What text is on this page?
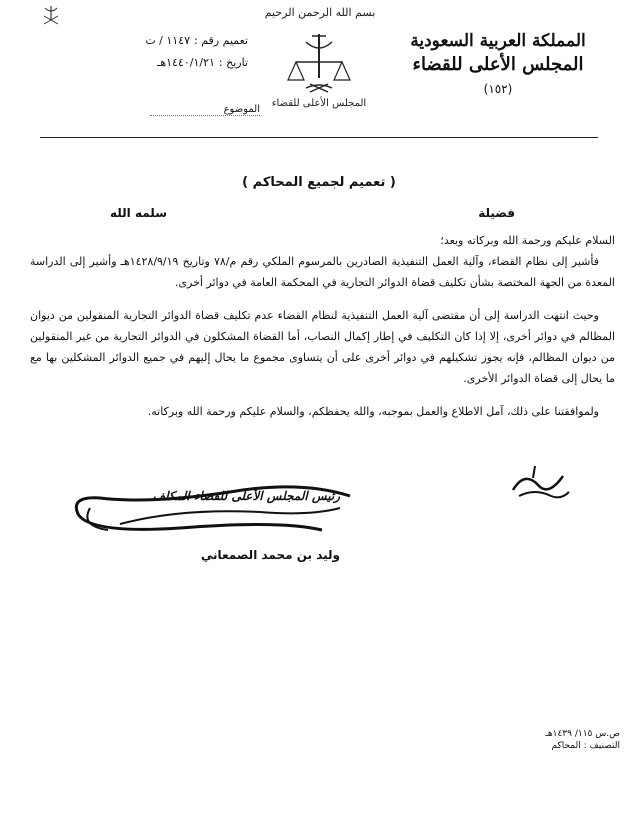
بسم الله الرحمن الرحيم
المجلس الأعلى للقضاء
المملكة العربية السعودية
المجلس الأعلى للقضاء
(١٥٢)
تعميم رقم :
١١٤٧ / ت
تاريخ :
١٤٤٠/١/٢١هـ
الموضوع
( تعميم لجميع المحاكم )
فضيلة
سلمه الله

السلام عليكم ورحمة الله وبركاته وبعد؛

فأشير إلى نظام القضاء، وآلية العمل التنفيذية الصادرين بالمرسوم الملكي رقم م/٧٨ وتاريخ ١٤٢٨/٩/١٩هـ وأشير إلى الدراسة المعدة من الجهة المختصة بشأن تكليف قضاة الدوائر التجارية في المحكمة العامة في دوائر أخرى.

وحيث انتهت الدراسة إلى أن مقتضى آلية العمل التنفيذية لنظام القضاء عدم تكليف قضاة الدوائر التجارية المنقولين من ديوان المظالم في دوائر أخرى، إلا إذا كان التكليف في إطار إكمال النصاب، أما القضاة المشكلون في الدوائر التجارية من غير المنقولين من ديوان المظالم، فإنه يجوز تشكيلهم في دوائر أخرى على أن يتساوى مجموع ما يحال إليهم في جميع الدوائر المشكلين بها مع ما يحال إلى قضاة الدوائر الأخرى.

ولموافقتنا على ذلك، آمل الاطلاع والعمل بموجبه، والله يحفظكم، والسلام عليكم ورحمة الله وبركاته.

رئيس المجلس الأعلى للقضاء المكلف
وليد بن محمد الصمعاني
ص.س ١١٥/ ١٤٣٩هـ
التصنيف : المحاكم
